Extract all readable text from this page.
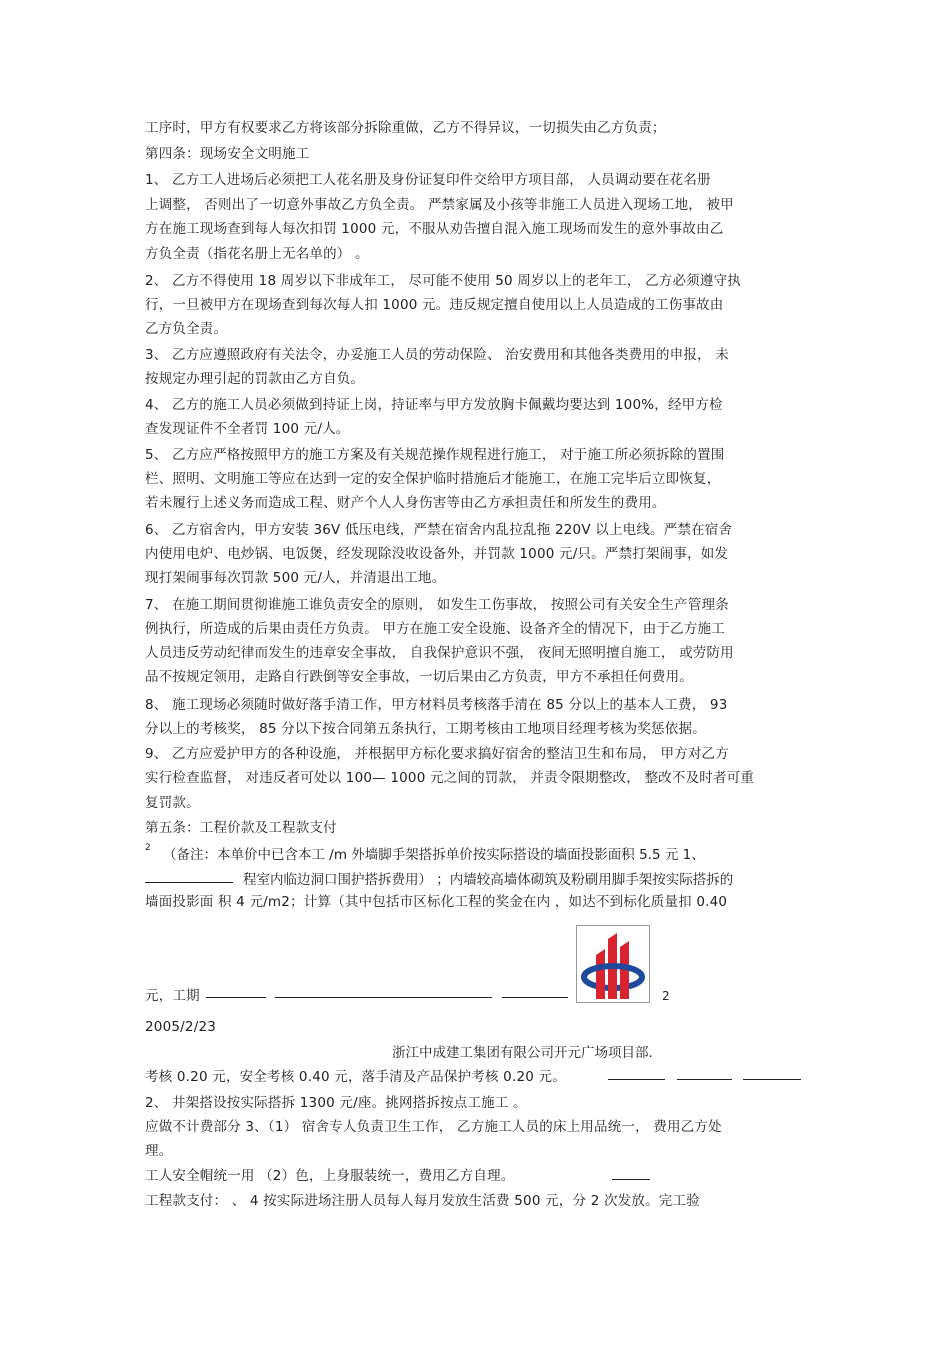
工序时，甲方有权要求乙方将该部分拆除重做，乙方不得异议，一切损失由乙方负责；
第四条：现场安全文明施工
1、 乙方工人进场后必须把工人花名册及身份证复印件交给甲方项目部， 人员调动要在花名册
上调整， 否则出了一切意外事故乙方负全责。 严禁家属及小孩等非施工人员进入现场工地， 被甲
方在施工现场查到每人每次扣罚 1000 元，不服从劝告擅自混入施工现场而发生的意外事故由乙
方负全责（指花名册上无名单的） 。
2、 乙方不得使用 18 周岁以下非成年工， 尽可能不使用 50 周岁以上的老年工， 乙方必须遵守执
行，一旦被甲方在现场查到每次每人扣 1000 元。违反规定擅自使用以上人员造成的工伤事故由
乙方负全责。
3、 乙方应遵照政府有关法令，办妥施工人员的劳动保险、 治安费用和其他各类费用的申报， 未
按规定办理引起的罚款由乙方自负。
4、 乙方的施工人员必须做到持证上岗，持证率与甲方发放胸卡佩戴均要达到 100%，经甲方检
查发现证件不全者罚 100 元/人。
5、 乙方应严格按照甲方的施工方案及有关规范操作规程进行施工， 对于施工所必须拆除的置围
栏、照明、文明施工等应在达到一定的安全保护临时措施后才能施工，在施工完毕后立即恢复，
若未履行上述义务而造成工程、财产个人人身伤害等由乙方承担责任和所发生的费用。
6、 乙方宿舍内，甲方安装 36V 低压电线，严禁在宿舍内乱拉乱拖 220V 以上电线。严禁在宿舍
内使用电炉、电炒锅、电饭煲，经发现除没收设备外，并罚款 1000 元/只。严禁打架闹事，如发
现打架闹事每次罚款 500 元/人，并清退出工地。
7、 在施工期间贯彻谁施工谁负责安全的原则， 如发生工伤事故， 按照公司有关安全生产管理条
例执行，所造成的后果由责任方负责。 甲方在施工安全设施、设备齐全的情况下，由于乙方施工
人员违反劳动纪律而发生的违章安全事故， 自我保护意识不强， 夜间无照明擅自施工， 或劳防用
品不按规定领用，走路自行跌倒等安全事故，一切后果由乙方负责，甲方不承担任何费用。
8、 施工现场必须随时做好落手清工作，甲方材料员考核落手清在 85 分以上的基本人工费， 93
分以上的考核奖， 85 分以下按合同第五条执行，工期考核由工地项目经理考核为奖惩依据。
9、 乙方应爱护甲方的各种设施， 并根据甲方标化要求搞好宿舍的整洁卫生和布局， 甲方对乙方
实行检查监督， 对违反者可处以 100— 1000 元之间的罚款， 并责令限期整改， 整改不及时者可重
复罚款。
第五条：工程价款及工程款支付
2 （备注：本单价中已含本工 /m 外墙脚手架搭拆单价按实际搭设的墙面投影面积 5.5 元 1、
程室内临边洞口围护搭拆费用） ；内墙较高墙体砌筑及粉刷用脚手架按实际搭拆的
墙面投影面 积 4 元/m2；计算（其中包括市区标化工程的奖金在内 ，如达不到标化质量扣 0.40
元，工期	2
2005/2/23
浙江中成建工集团有限公司开元广场项目部.
考核 0.20 元，安全考核 0.40 元，落手清及产品保护考核 0.20 元。
2、 井架搭设按实际搭拆 1300 元/座。挑网搭拆按点工施工 。
应做不计费部分 3、（1） 宿舍专人负责卫生工作， 乙方施工人员的床上用品统一， 费用乙方处
理。
工人安全帽统一用 （2）色，上身服装统一，费用乙方自理。
工程款支付： 、 4 按实际进场注册人员每人每月发放生活费 500 元，分 2 次发放。完工验
